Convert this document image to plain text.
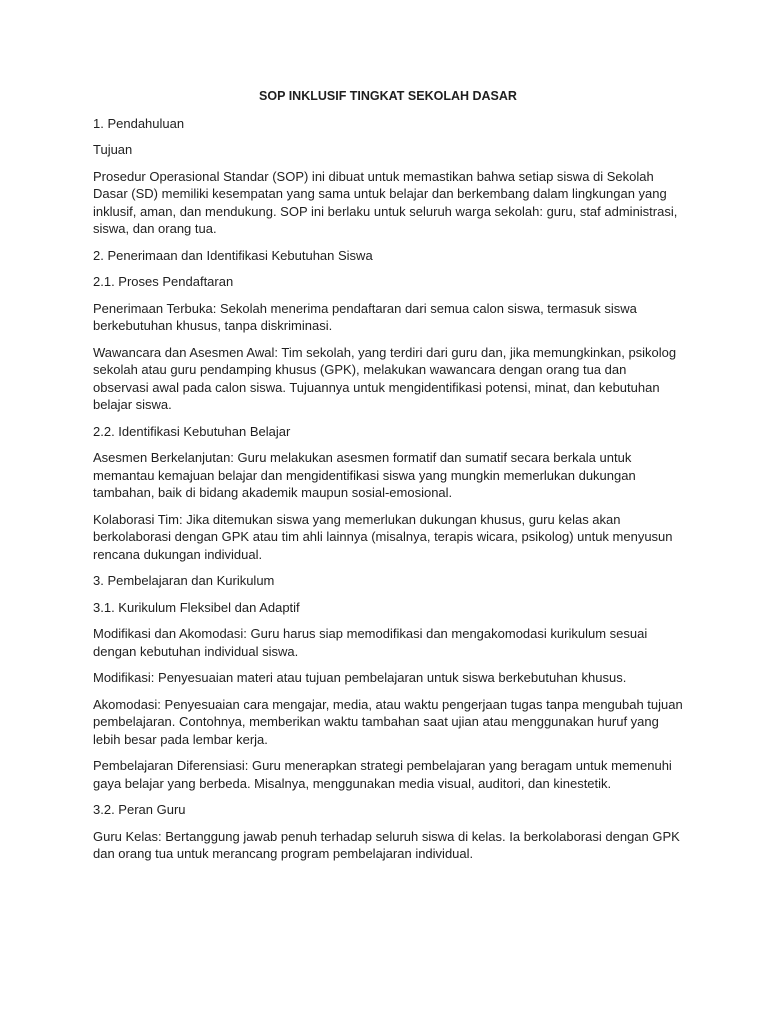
SOP INKLUSIF TINGKAT SEKOLAH DASAR
1. Pendahuluan
Tujuan
Prosedur Operasional Standar (SOP) ini dibuat untuk memastikan bahwa setiap siswa di Sekolah Dasar (SD) memiliki kesempatan yang sama untuk belajar dan berkembang dalam lingkungan yang inklusif, aman, dan mendukung. SOP ini berlaku untuk seluruh warga sekolah: guru, staf administrasi, siswa, dan orang tua.
2. Penerimaan dan Identifikasi Kebutuhan Siswa
2.1. Proses Pendaftaran
Penerimaan Terbuka: Sekolah menerima pendaftaran dari semua calon siswa, termasuk siswa berkebutuhan khusus, tanpa diskriminasi.
Wawancara dan Asesmen Awal: Tim sekolah, yang terdiri dari guru dan, jika memungkinkan, psikolog sekolah atau guru pendamping khusus (GPK), melakukan wawancara dengan orang tua dan observasi awal pada calon siswa. Tujuannya untuk mengidentifikasi potensi, minat, dan kebutuhan belajar siswa.
2.2. Identifikasi Kebutuhan Belajar
Asesmen Berkelanjutan: Guru melakukan asesmen formatif dan sumatif secara berkala untuk memantau kemajuan belajar dan mengidentifikasi siswa yang mungkin memerlukan dukungan tambahan, baik di bidang akademik maupun sosial-emosional.
Kolaborasi Tim: Jika ditemukan siswa yang memerlukan dukungan khusus, guru kelas akan berkolaborasi dengan GPK atau tim ahli lainnya (misalnya, terapis wicara, psikolog) untuk menyusun rencana dukungan individual.
3. Pembelajaran dan Kurikulum
3.1. Kurikulum Fleksibel dan Adaptif
Modifikasi dan Akomodasi: Guru harus siap memodifikasi dan mengakomodasi kurikulum sesuai dengan kebutuhan individual siswa.
Modifikasi: Penyesuaian materi atau tujuan pembelajaran untuk siswa berkebutuhan khusus.
Akomodasi: Penyesuaian cara mengajar, media, atau waktu pengerjaan tugas tanpa mengubah tujuan pembelajaran. Contohnya, memberikan waktu tambahan saat ujian atau menggunakan huruf yang lebih besar pada lembar kerja.
Pembelajaran Diferensiasi: Guru menerapkan strategi pembelajaran yang beragam untuk memenuhi gaya belajar yang berbeda. Misalnya, menggunakan media visual, auditori, dan kinestetik.
3.2. Peran Guru
Guru Kelas: Bertanggung jawab penuh terhadap seluruh siswa di kelas. Ia berkolaborasi dengan GPK dan orang tua untuk merancang program pembelajaran individual.
